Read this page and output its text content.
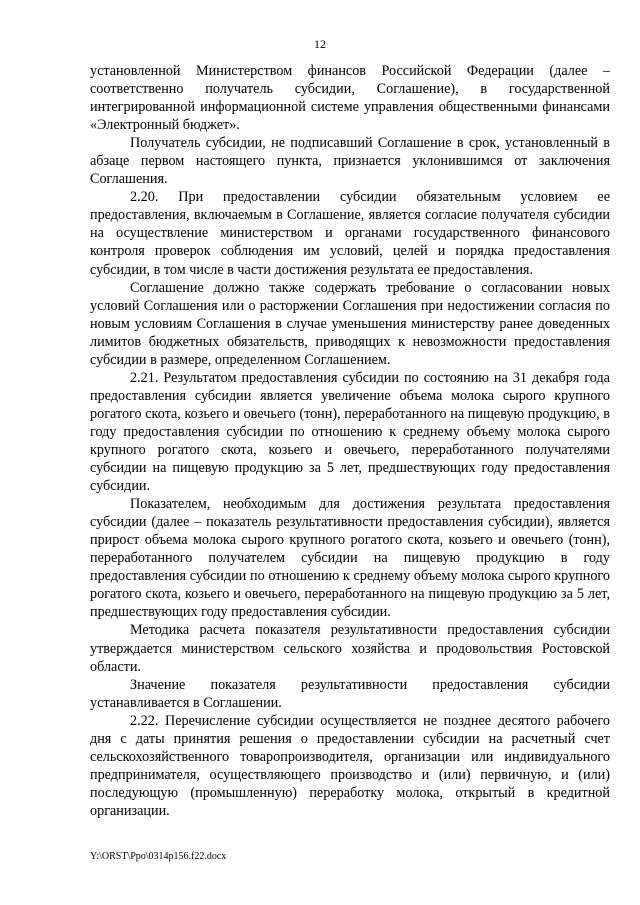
12

установленной Министерством финансов Российской Федерации (далее – соответственно получатель субсидии, Соглашение), в государственной интегрированной информационной системе управления общественными финансами «Электронный бюджет».

Получатель субсидии, не подписавший Соглашение в срок, установленный в абзаце первом настоящего пункта, признается уклонившимся от заключения Соглашения.

2.20. При предоставлении субсидии обязательным условием ее предоставления, включаемым в Соглашение, является согласие получателя субсидии на осуществление министерством и органами государственного финансового контроля проверок соблюдения им условий, целей и порядка предоставления субсидии, в том числе в части достижения результата ее предоставления.

Соглашение должно также содержать требование о согласовании новых условий Соглашения или о расторжении Соглашения при недостижении согласия по новым условиям Соглашения в случае уменьшения министерству ранее доведенных лимитов бюджетных обязательств, приводящих к невозможности предоставления субсидии в размере, определенном Соглашением.

2.21. Результатом предоставления субсидии по состоянию на 31 декабря года предоставления субсидии является увеличение объема молока сырого крупного рогатого скота, козьего и овечьего (тонн), переработанного на пищевую продукцию, в году предоставления субсидии по отношению к среднему объему молока сырого крупного рогатого скота, козьего и овечьего, переработанного получателями субсидии на пищевую продукцию за 5 лет, предшествующих году предоставления субсидии.

Показателем, необходимым для достижения результата предоставления субсидии (далее – показатель результативности предоставления субсидии), является прирост объема молока сырого крупного рогатого скота, козьего и овечьего (тонн), переработанного получателем субсидии на пищевую продукцию в году предоставления субсидии по отношению к среднему объему молока сырого крупного рогатого скота, козьего и овечьего, переработанного на пищевую продукцию за 5 лет, предшествующих году предоставления субсидии.

Методика расчета показателя результативности предоставления субсидии утверждается министерством сельского хозяйства и продовольствия Ростовской области.

Значение показателя результативности предоставления субсидии устанавливается в Соглашении.

2.22. Перечисление субсидии осуществляется не позднее десятого рабочего дня с даты принятия решения о предоставлении субсидии на расчетный счет сельскохозяйственного товаропроизводителя, организации или индивидуального предпринимателя, осуществляющего производство и (или) первичную, и (или) последующую (промышленную) переработку молока, открытый в кредитной организации.

Y:\ORST\Ppo\0314p156.f22.docx
